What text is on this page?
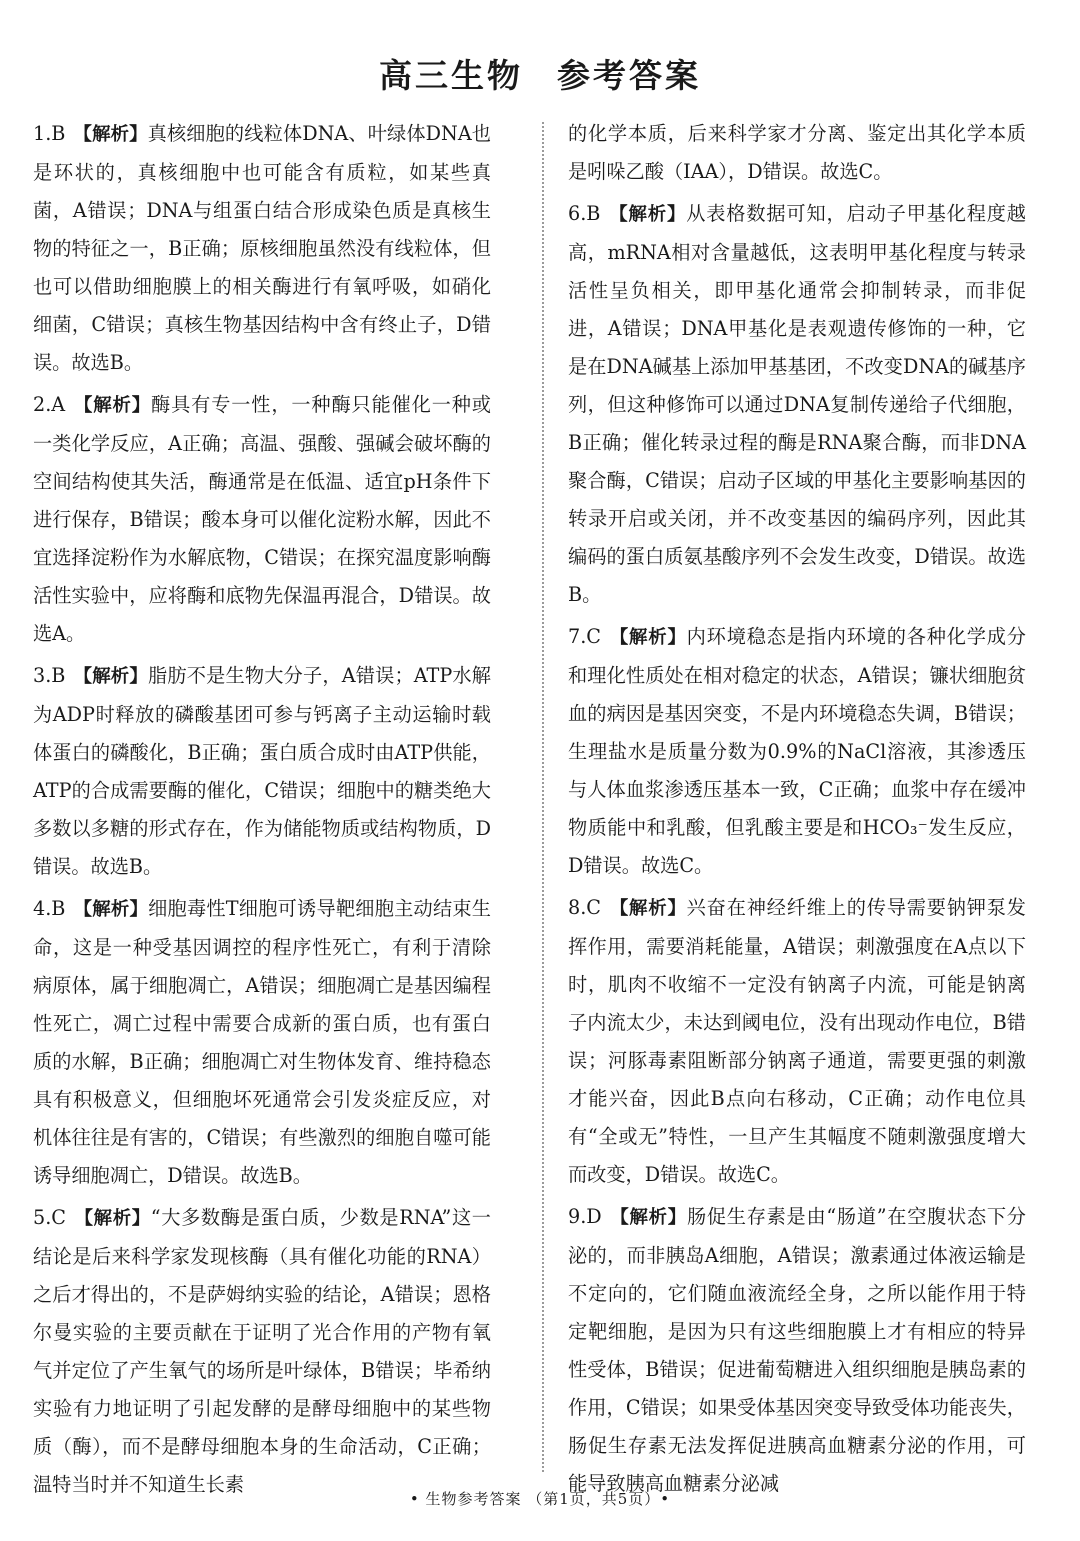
高三生物 参考答案

1.B 【解析】真核细胞的线粒体DNA、叶绿体DNA也是环状的，真核细胞中也可能含有质粒，如某些真菌，A错误；DNA与组蛋白结合形成染色质是真核生物的特征之一，B正确；原核细胞虽然没有线粒体，但也可以借助细胞膜上的相关酶进行有氧呼吸，如硝化细菌，C错误；真核生物基因结构中含有终止子，D错误。故选B。

2.A 【解析】酶具有专一性，一种酶只能催化一种或一类化学反应，A正确；高温、强酸、强碱会破坏酶的空间结构使其失活，酶通常是在低温、适宜pH条件下进行保存，B错误；酸本身可以催化淀粉水解，因此不宜选择淀粉作为水解底物，C错误；在探究温度影响酶活性实验中，应将酶和底物先保温再混合，D错误。故选A。

3.B 【解析】脂肪不是生物大分子，A错误；ATP水解为ADP时释放的磷酸基团可参与钙离子主动运输时载体蛋白的磷酸化，B正确；蛋白质合成时由ATP供能，ATP的合成需要酶的催化，C错误；细胞中的糖类绝大多数以多糖的形式存在，作为储能物质或结构物质，D错误。故选B。

4.B 【解析】细胞毒性T细胞可诱导靶细胞主动结束生命，这是一种受基因调控的程序性死亡，有利于清除病原体，属于细胞凋亡，A错误；细胞凋亡是基因编程性死亡，凋亡过程中需要合成新的蛋白质，也有蛋白质的水解，B正确；细胞凋亡对生物体发育、维持稳态具有积极意义，但细胞坏死通常会引发炎症反应，对机体往往是有害的，C错误；有些激烈的细胞自噬可能诱导细胞凋亡，D错误。故选B。

5.C 【解析】“大多数酶是蛋白质，少数是RNA”这一结论是后来科学家发现核酶（具有催化功能的RNA）之后才得出的，不是萨姆纳实验的结论，A错误；恩格尔曼实验的主要贡献在于证明了光合作用的产物有氧气并定位了产生氧气的场所是叶绿体，B错误；毕希纳实验有力地证明了引起发酵的是酵母细胞中的某些物质（酶），而不是酵母细胞本身的生命活动，C正确；温特当时并不知道生长素

的化学本质，后来科学家才分离、鉴定出其化学本质是吲哚乙酸（IAA），D错误。故选C。

6.B 【解析】从表格数据可知，启动子甲基化程度越高，mRNA相对含量越低，这表明甲基化程度与转录活性呈负相关，即甲基化通常会抑制转录，而非促进，A错误；DNA甲基化是表观遗传修饰的一种，它是在DNA碱基上添加甲基基团，不改变DNA的碱基序列，但这种修饰可以通过DNA复制传递给子代细胞，B正确；催化转录过程的酶是RNA聚合酶，而非DNA聚合酶，C错误；启动子区域的甲基化主要影响基因的转录开启或关闭，并不改变基因的编码序列，因此其编码的蛋白质氨基酸序列不会发生改变，D错误。故选B。

7.C 【解析】内环境稳态是指内环境的各种化学成分和理化性质处在相对稳定的状态，A错误；镰状细胞贫血的病因是基因突变，不是内环境稳态失调，B错误；生理盐水是质量分数为0.9%的NaCl溶液，其渗透压与人体血浆渗透压基本一致，C正确；血浆中存在缓冲物质能中和乳酸，但乳酸主要是和HCO₃⁻发生反应，D错误。故选C。

8.C 【解析】兴奋在神经纤维上的传导需要钠钾泵发挥作用，需要消耗能量，A错误；刺激强度在A点以下时，肌肉不收缩不一定没有钠离子内流，可能是钠离子内流太少，未达到阈电位，没有出现动作电位，B错误；河豚毒素阻断部分钠离子通道，需要更强的刺激才能兴奋，因此B点向右移动，C正确；动作电位具有“全或无”特性，一旦产生其幅度不随刺激强度增大而改变，D错误。故选C。

9.D 【解析】肠促生存素是由“肠道”在空腹状态下分泌的，而非胰岛A细胞，A错误；激素通过体液运输是不定向的，它们随血液流经全身，之所以能作用于特定靶细胞，是因为只有这些细胞膜上才有相应的特异性受体，B错误；促进葡萄糖进入组织细胞是胰岛素的作用，C错误；如果受体基因突变导致受体功能丧失，肠促生存素无法发挥促进胰高血糖素分泌的作用，可能导致胰高血糖素分泌减

• 生物参考答案 （第1页，共5页）•
